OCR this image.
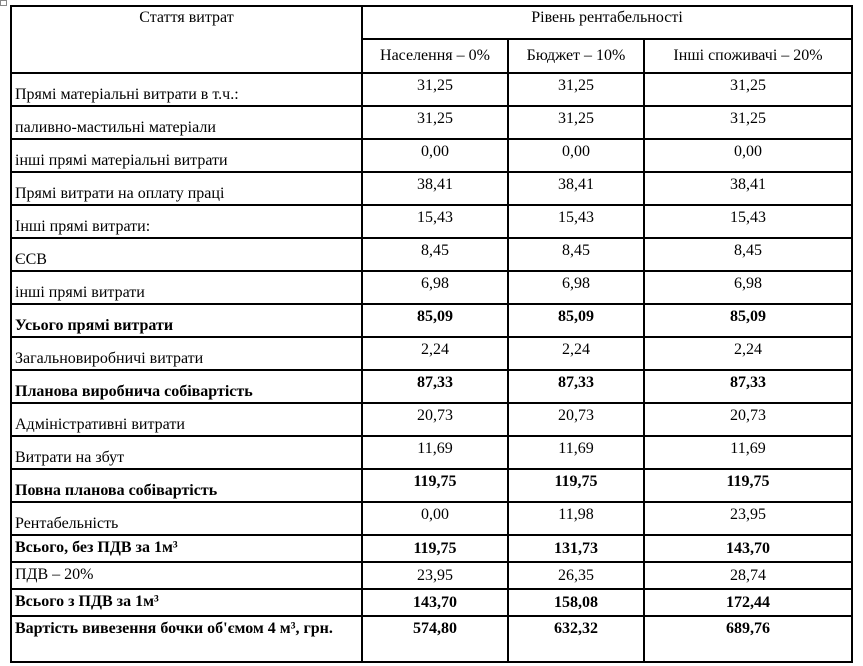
Стаття витрат	Рівень рентабельності		
	Населення – 0%	Бюджет – 10%	Інші споживачі – 20%
Прямі матеріальні витрати в т.ч.:	31,25	31,25	31,25
паливно-мастильні матеріали	31,25	31,25	31,25
інші прямі матеріальні витрати	0,00	0,00	0,00
Прямі витрати на оплату праці	38,41	38,41	38,41
Інші прямі витрати:	15,43	15,43	15,43
ЄСВ	8,45	8,45	8,45
інші прямі витрати	6,98	6,98	6,98
Усього прямі витрати	85,09	85,09	85,09
Загальновиробничі витрати	2,24	2,24	2,24
Планова виробнича собівартість	87,33	87,33	87,33
Адміністративні витрати	20,73	20,73	20,73
Витрати на збут	11,69	11,69	11,69
Повна планова собівартість	119,75	119,75	119,75
Рентабельність	0,00	11,98	23,95
Всього, без ПДВ за 1м³	119,75	131,73	143,70
ПДВ – 20%	23,95	26,35	28,74
Всього з ПДВ за 1м³	143,70	158,08	172,44
Вартість вивезення бочки об'ємом 4 м³, грн.	574,80	632,32	689,76
